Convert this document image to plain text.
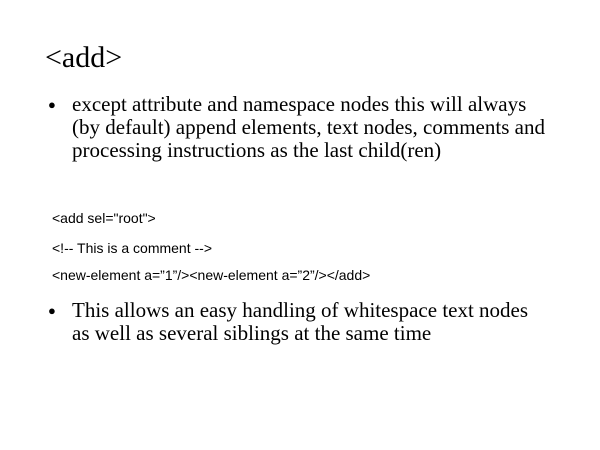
<add>
● except attribute and namespace nodes this will always (by default) append elements, text nodes, comments and processing instructions as the last child(ren)
<add sel="root">
<!-- This is a comment -->
<new-element a=”1”/><new-element a=”2”/></add>
● This allows an easy handling of whitespace text nodes as well as several siblings at the same time
